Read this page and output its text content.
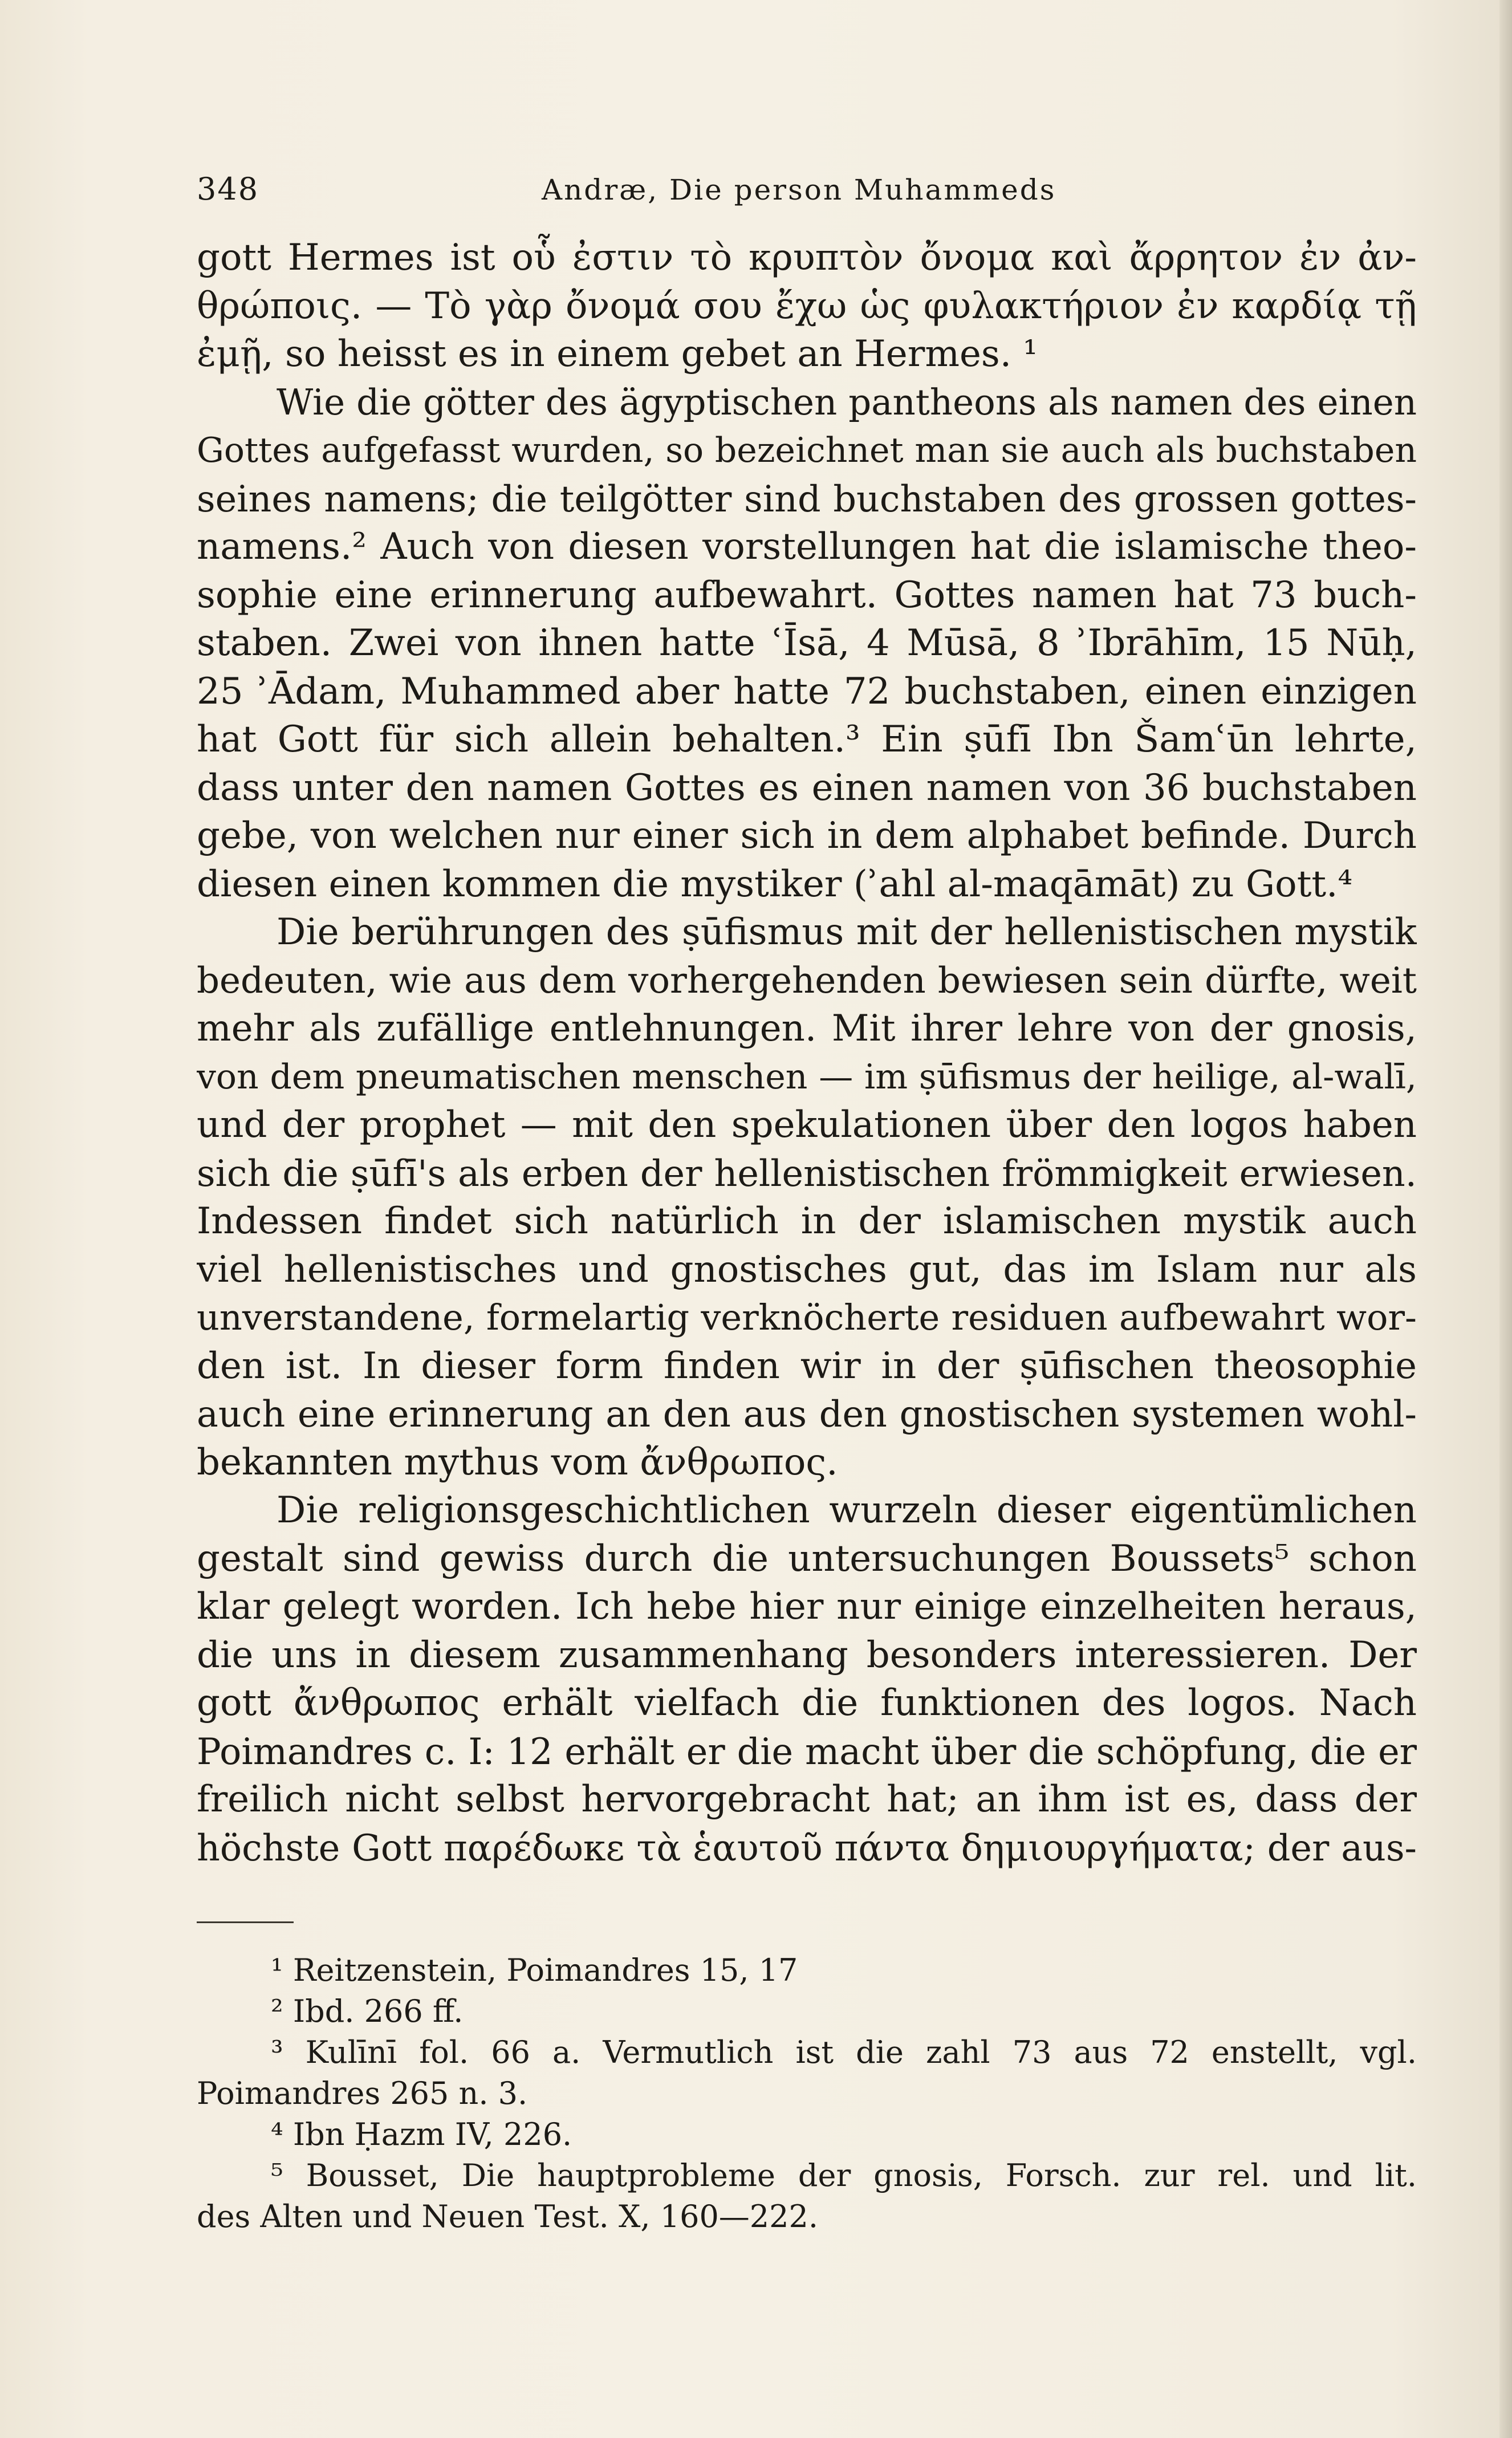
348	Andræ, Die person Muhammeds
gott Hermes ist οὗ ἐστιν τὸ κρυπτὸν ὄνομα καὶ ἄρρητον ἐν ἀν-
θρώποις. — Τὸ γὰρ ὄνομά σου ἔχω ὡς φυλακτήριον ἐν καρδίᾳ τῇ
ἐμῇ, so heisst es in einem gebet an Hermes. ¹
Wie die götter des ägyptischen pantheons als namen des einen
Gottes aufgefasst wurden, so bezeichnet man sie auch als buchstaben
seines namens; die teilgötter sind buchstaben des grossen gottes-
namens.² Auch von diesen vorstellungen hat die islamische theo-
sophie eine erinnerung aufbewahrt. Gottes namen hat 73 buch-
staben. Zwei von ihnen hatte ʿĪsā, 4 Mūsā, 8 ʾIbrāhīm, 15 Nūḥ,
25 ʾĀdam, Muhammed aber hatte 72 buchstaben, einen einzigen
hat Gott für sich allein behalten.³ Ein ṣūfī Ibn Šamʿūn lehrte,
dass unter den namen Gottes es einen namen von 36 buchstaben
gebe, von welchen nur einer sich in dem alphabet befinde. Durch
diesen einen kommen die mystiker (ʾahl al-maqāmāt) zu Gott.⁴
Die berührungen des ṣūfismus mit der hellenistischen mystik
bedeuten, wie aus dem vorhergehenden bewiesen sein dürfte, weit
mehr als zufällige entlehnungen. Mit ihrer lehre von der gnosis,
von dem pneumatischen menschen — im ṣūfismus der heilige, al-walī,
und der prophet — mit den spekulationen über den logos haben
sich die ṣūfī's als erben der hellenistischen frömmigkeit erwiesen.
Indessen findet sich natürlich in der islamischen mystik auch
viel hellenistisches und gnostisches gut, das im Islam nur als
unverstandene, formelartig verknöcherte residuen aufbewahrt wor-
den ist. In dieser form finden wir in der ṣūfischen theosophie
auch eine erinnerung an den aus den gnostischen systemen wohl-
bekannten mythus vom ἄνθρωπος.
Die religionsgeschichtlichen wurzeln dieser eigentümlichen
gestalt sind gewiss durch die untersuchungen Boussets⁵ schon
klar gelegt worden. Ich hebe hier nur einige einzelheiten heraus,
die uns in diesem zusammenhang besonders interessieren. Der
gott ἄνθρωπος erhält vielfach die funktionen des logos. Nach
Poimandres c. I: 12 erhält er die macht über die schöpfung, die er
freilich nicht selbst hervorgebracht hat; an ihm ist es, dass der
höchste Gott παρέδωκε τὰ ἑαυτοῦ πάντα δημιουργήματα; der aus-
¹ Reitzenstein, Poimandres 15, 17
² Ibd. 266 ff.
³ Kulīnī fol. 66 a. Vermutlich ist die zahl 73 aus 72 enstellt, vgl.
Poimandres 265 n. 3.
⁴ Ibn Ḥazm IV, 226.
⁵ Bousset, Die hauptprobleme der gnosis, Forsch. zur rel. und lit.
des Alten und Neuen Test. X, 160—222.
